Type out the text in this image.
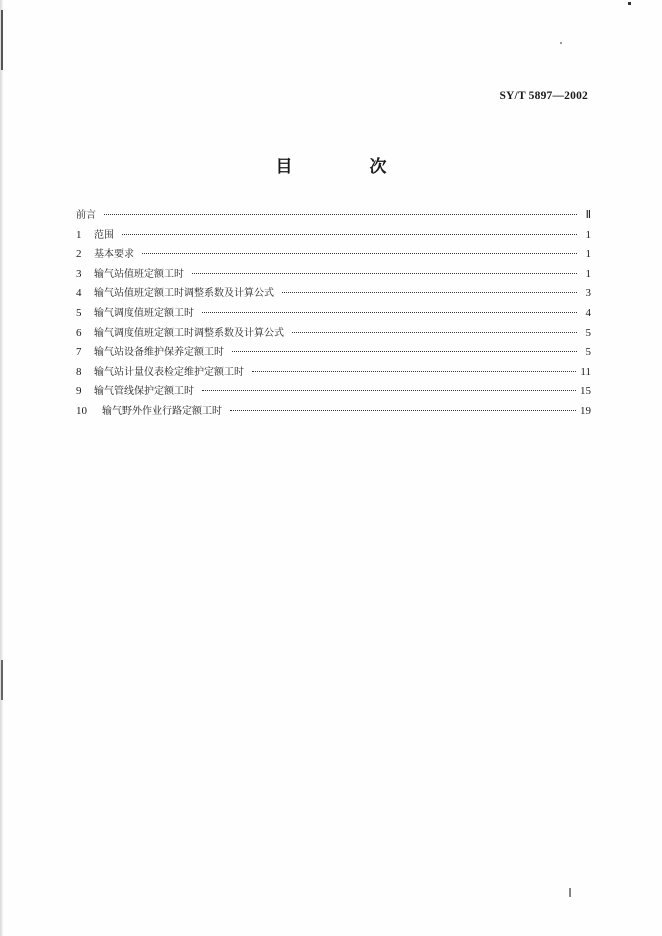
SY/T 5897—2002
目　次
前言	Ⅱ
1	范围	1
2	基本要求	1
3	输气站值班定额工时	1
4	输气站值班定额工时调整系数及计算公式	3
5	输气调度值班定额工时	4
6	输气调度值班定额工时调整系数及计算公式	5
7	输气站设备维护保养定额工时	5
8	输气站计量仪表检定维护定额工时	11
9	输气管线保护定额工时	15
10	输气野外作业行路定额工时	19
Ⅰ
